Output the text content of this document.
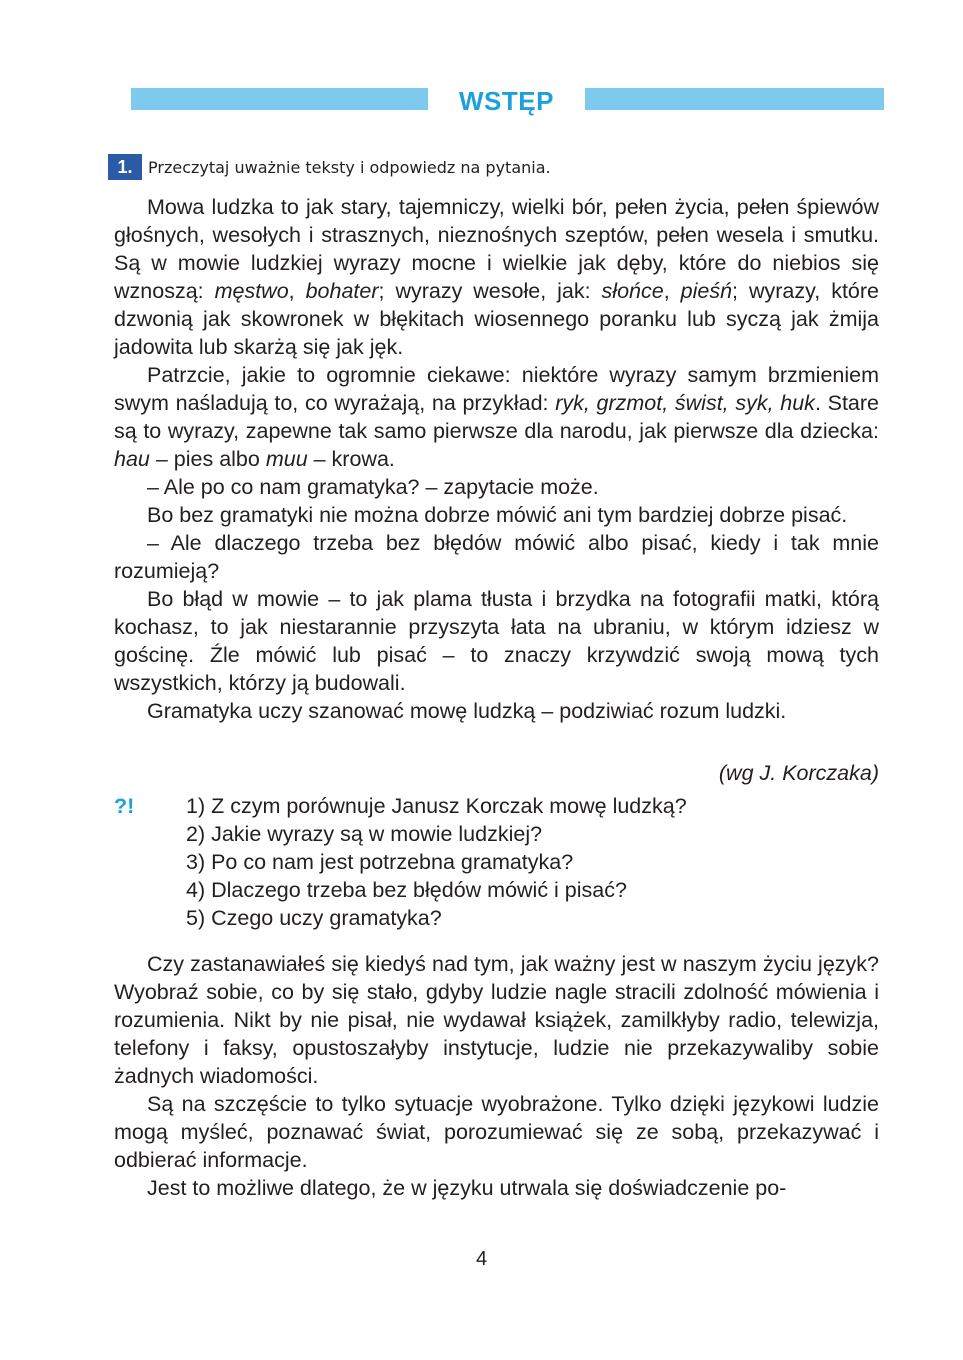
WSTĘP
1. Przeczytaj uważnie teksty i odpowiedz na pytania.

Mowa ludzka to jak stary, tajemniczy, wielki bór, pełen życia, pełen śpiewów głośnych, wesołych i strasznych, nieznośnych szeptów, pełen wesela i smutku. Są w mowie ludzkiej wyrazy mocne i wielkie jak dęby, które do niebios się wznoszą: męstwo, bohater; wyrazy wesołe, jak: słońce, pieśń; wyrazy, które dzwonią jak skowronek w błękitach wiosennego poranku lub syczą jak żmija jadowita lub skarżą się jak jęk.

Patrzcie, jakie to ogromnie ciekawe: niektóre wyrazy samym brzmieniem swym naśladują to, co wyrażają, na przykład: ryk, grzmot, świst, syk, huk. Stare są to wyrazy, zapewne tak samo pierwsze dla narodu, jak pierwsze dla dziecka: hau – pies albo muu – krowa.

– Ale po co nam gramatyka? – zapytacie może.

Bo bez gramatyki nie można dobrze mówić ani tym bardziej dobrze pisać.

– Ale dlaczego trzeba bez błędów mówić albo pisać, kiedy i tak mnie rozumieją?

Bo błąd w mowie – to jak plama tłusta i brzydka na fotografii matki, którą kochasz, to jak niestarannie przyszyta łata na ubraniu, w którym idziesz w gościnę. Źle mówić lub pisać – to znaczy krzywdzić swoją mową tych wszystkich, którzy ją budowali.

Gramatyka uczy szanować mowę ludzką – podziwiać rozum ludzki.

(wg J. Korczaka)
?! 1) Z czym porównuje Janusz Korczak mowę ludzką?
2) Jakie wyrazy są w mowie ludzkiej?
3) Po co nam jest potrzebna gramatyka?
4) Dlaczego trzeba bez błędów mówić i pisać?
5) Czego uczy gramatyka?

Czy zastanawiałeś się kiedyś nad tym, jak ważny jest w naszym życiu język? Wyobraź sobie, co by się stało, gdyby ludzie nagle stracili zdolność mówienia i rozumienia. Nikt by nie pisał, nie wydawał książek, zamilkłyby radio, telewizja, telefony i faksy, opustoszałyby instytucje, ludzie nie przekazywaliby sobie żadnych wiadomości.

Są na szczęście to tylko sytuacje wyobrażone. Tylko dzięki językowi ludzie mogą myśleć, poznawać świat, porozumiewać się ze sobą, przekazywać i odbierać informacje.

Jest to możliwe dlatego, że w języku utrwala się doświadczenie po-

4
